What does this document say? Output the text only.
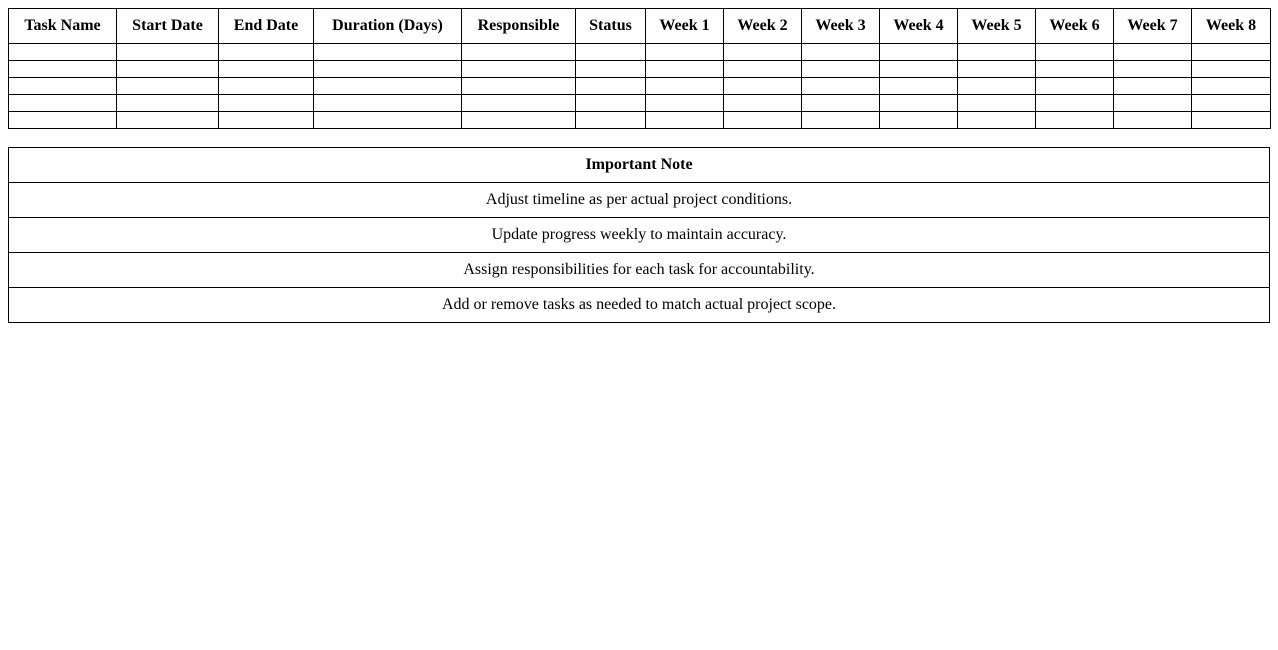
Task Name	Start Date	End Date	Duration (Days)	Responsible	Status	Week 1	Week 2	Week 3	Week 4	Week 5	Week 6	Week 7	Week 8

Important Note
Adjust timeline as per actual project conditions.
Update progress weekly to maintain accuracy.
Assign responsibilities for each task for accountability.
Add or remove tasks as needed to match actual project scope.
